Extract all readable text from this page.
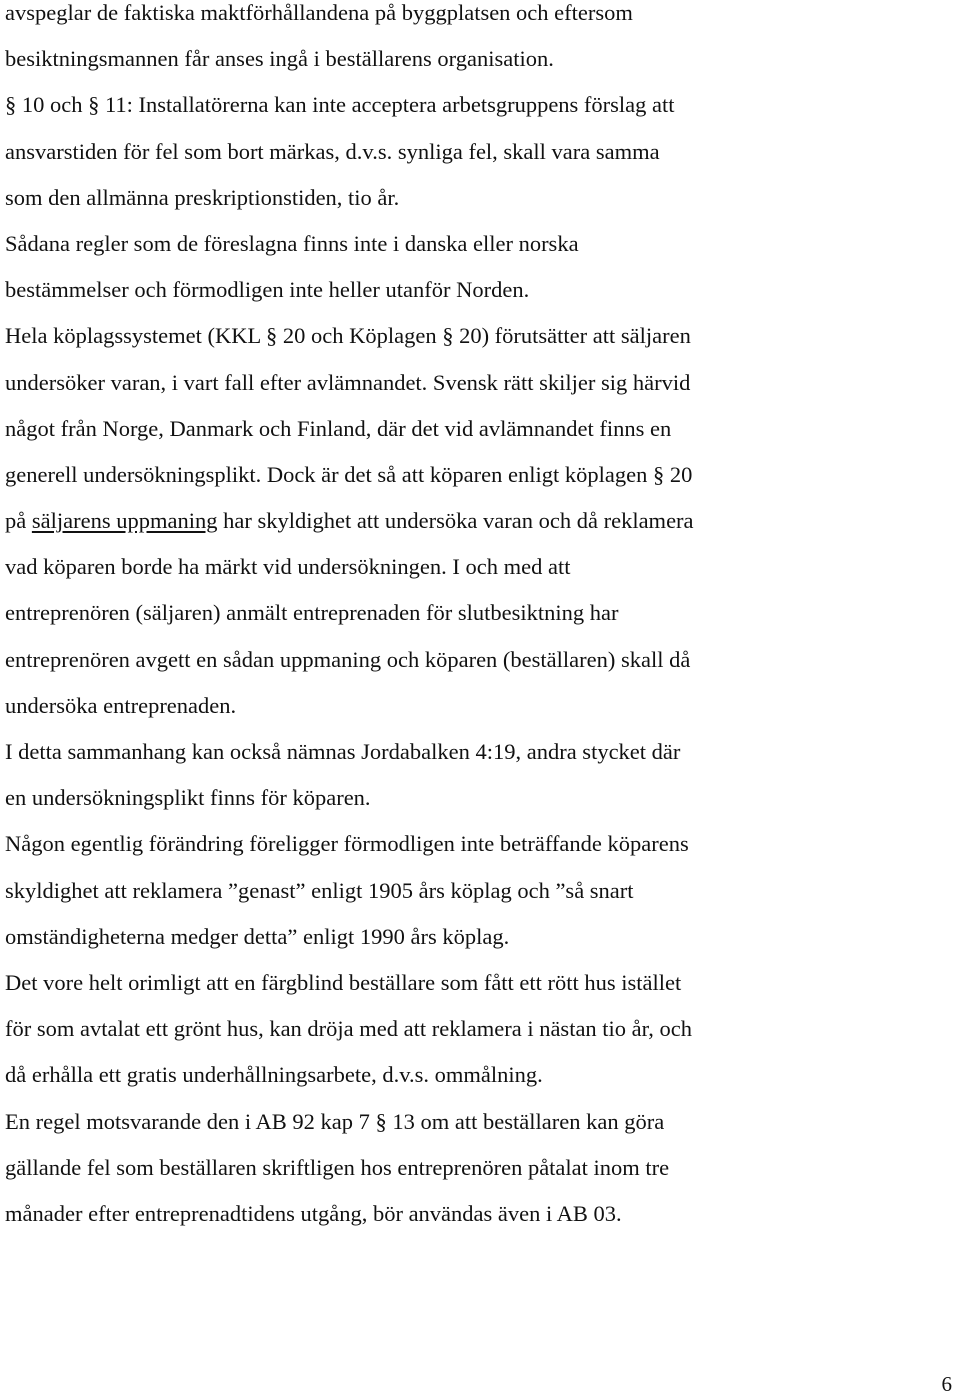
avspeglar de faktiska maktförhållandena på byggplatsen och eftersom
besiktningsmannen får anses ingå i beställarens organisation.
§ 10 och § 11: Installatörerna kan inte acceptera arbetsgruppens förslag att
ansvarstiden för fel som bort märkas, d.v.s. synliga fel, skall vara samma
som den allmänna preskriptionstiden, tio år.
Sådana regler som de föreslagna finns inte i danska eller norska
bestämmelser och förmodligen inte heller utanför Norden.
Hela köplagssystemet (KKL § 20 och Köplagen § 20) förutsätter att säljaren
undersöker varan, i vart fall efter avlämnandet. Svensk rätt skiljer sig härvid
något från Norge, Danmark och Finland, där det vid avlämnandet finns en
generell undersökningsplikt. Dock är det så att köparen enligt köplagen § 20
på säljarens uppmaning har skyldighet att undersöka varan och då reklamera
vad köparen borde ha märkt vid undersökningen. I och med att
entreprenören (säljaren) anmält entreprenaden för slutbesiktning har
entreprenören avgett en sådan uppmaning och köparen (beställaren) skall då
undersöka entreprenaden.
I detta sammanhang kan också nämnas Jordabalken 4:19, andra stycket där
en undersökningsplikt finns för köparen.
Någon egentlig förändring föreligger förmodligen inte beträffande köparens
skyldighet att reklamera ”genast” enligt 1905 års köplag och ”så snart
omständigheterna medger detta” enligt 1990 års köplag.
Det vore helt orimligt att en färgblind beställare som fått ett rött hus istället
för som avtalat ett grönt hus, kan dröja med att reklamera i nästan tio år, och
då erhålla ett gratis underhållningsarbete, d.v.s. ommålning.
En regel motsvarande den i AB 92 kap 7 § 13 om att beställaren kan göra
gällande fel som beställaren skriftligen hos entreprenören påtalat inom tre
månader efter entreprenadtidens utgång, bör användas även i AB 03.
6
